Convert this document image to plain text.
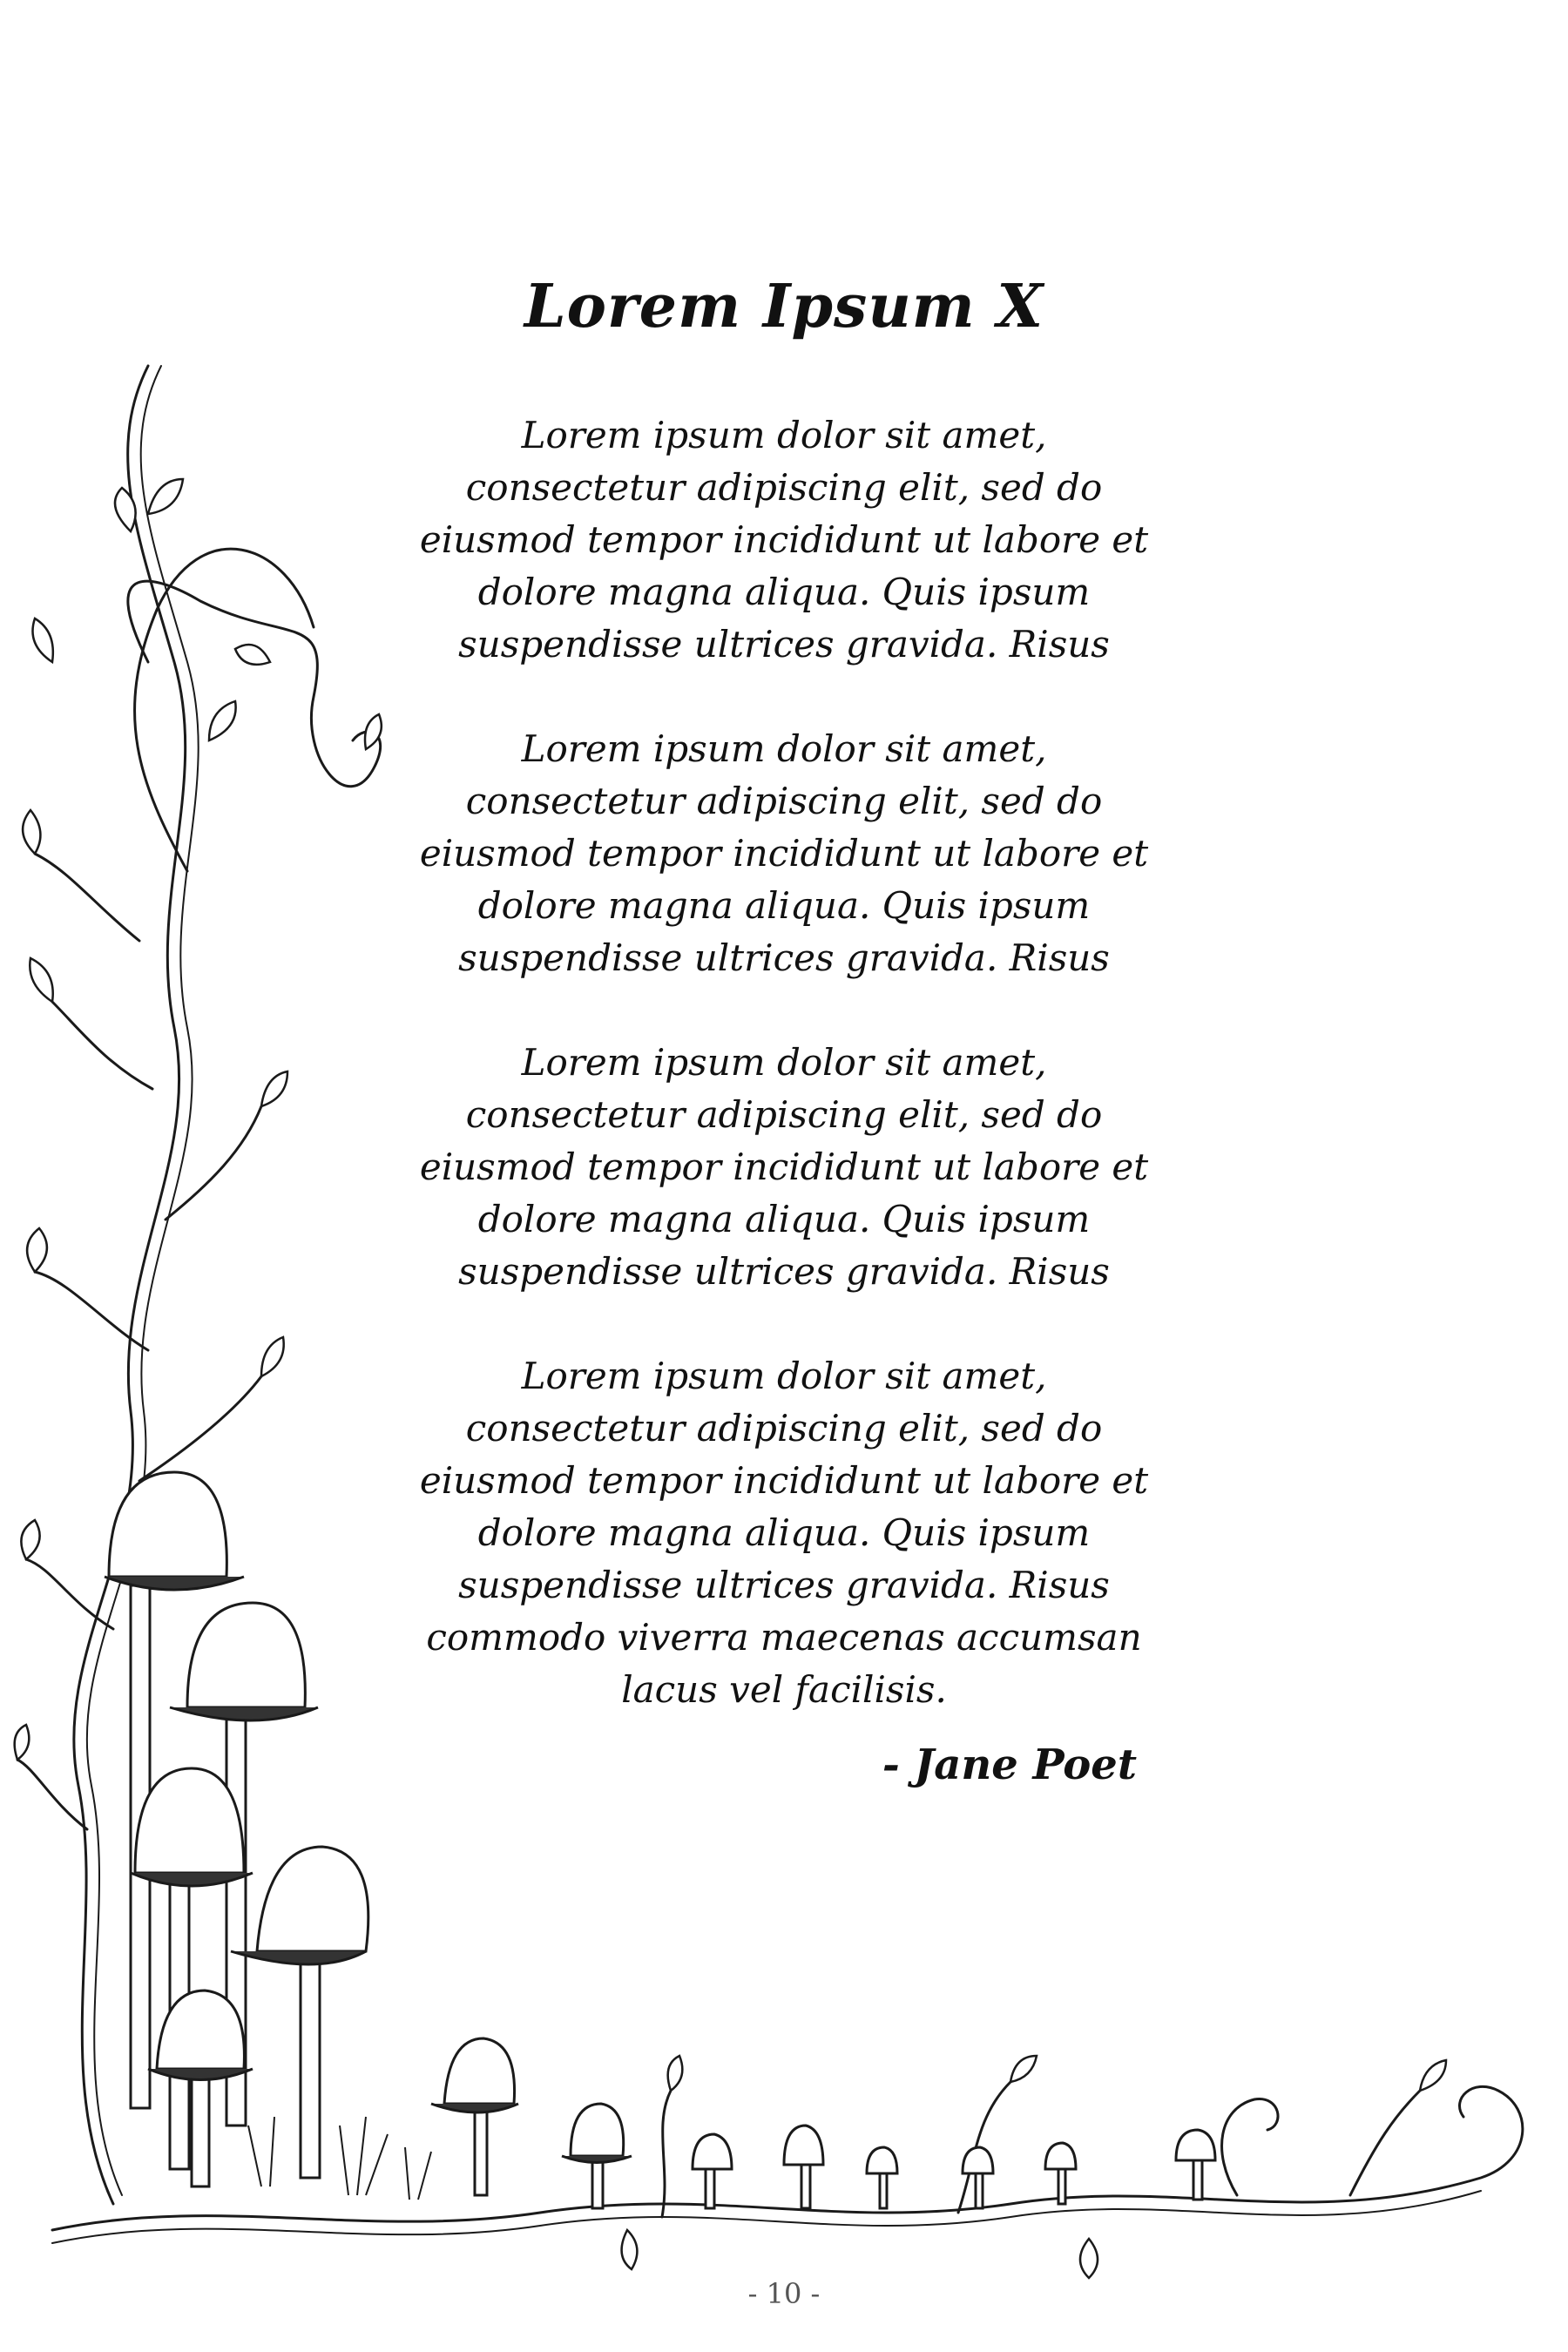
Lorem Ipsum X
Lorem ipsum dolor sit amet,
consectetur adipiscing elit, sed do
eiusmod tempor incididunt ut labore et
dolore magna aliqua. Quis ipsum
suspendisse ultrices gravida. Risus
Lorem ipsum dolor sit amet,
consectetur adipiscing elit, sed do
eiusmod tempor incididunt ut labore et
dolore magna aliqua. Quis ipsum
suspendisse ultrices gravida. Risus
Lorem ipsum dolor sit amet,
consectetur adipiscing elit, sed do
eiusmod tempor incididunt ut labore et
dolore magna aliqua. Quis ipsum
suspendisse ultrices gravida. Risus
Lorem ipsum dolor sit amet,
consectetur adipiscing elit, sed do
eiusmod tempor incididunt ut labore et
dolore magna aliqua. Quis ipsum
suspendisse ultrices gravida. Risus
commodo viverra maecenas accumsan
lacus vel facilisis.
- Jane Poet
- 10 -
